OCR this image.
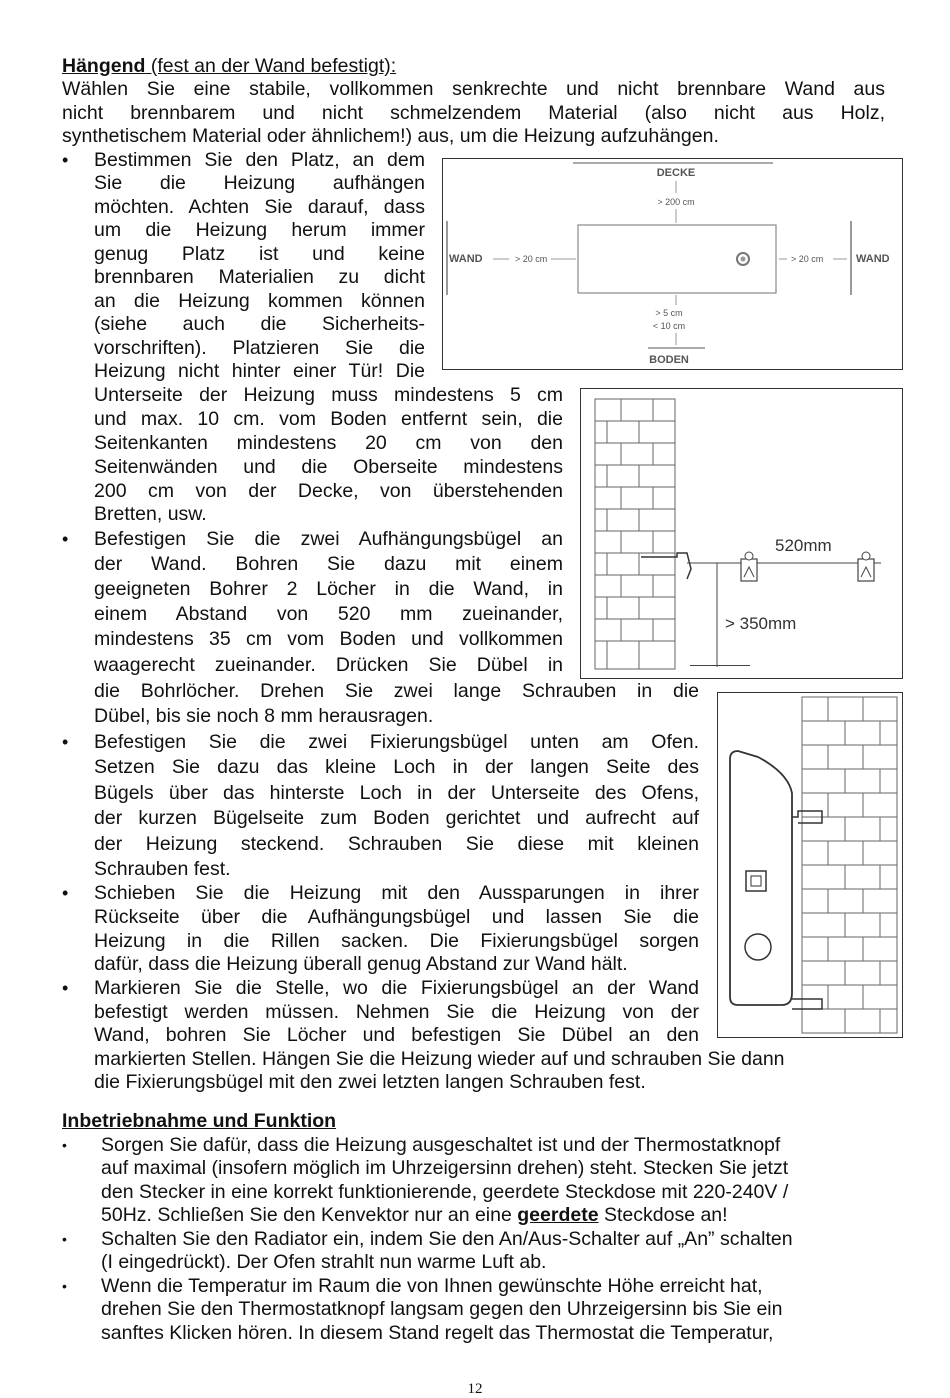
Hängend (fest an der Wand befestigt):
Wählen Sie eine stabile, vollkommen senkrechte und nicht brennbare Wand aus
nicht brennbarem und nicht schmelzendem Material (also nicht aus Holz,
synthetischem Material oder ähnlichem!) aus, um die Heizung aufzuhängen.
• Bestimmen Sie den Platz, an dem
Sie die Heizung aufhängen
möchten. Achten Sie darauf, dass
um die Heizung herum immer
genug Platz ist und keine
brennbaren Materialien zu dicht
an die Heizung kommen können
(siehe auch die Sicherheits-
vorschriften). Platzieren Sie die
Heizung nicht hinter einer Tür! Die
Unterseite der Heizung muss mindestens 5 cm
und max. 10 cm. vom Boden entfernt sein, die
Seitenkanten mindestens 20 cm von den
Seitenwänden und die Oberseite mindestens
200 cm von der Decke, von überstehenden
Bretten, usw.
DECKE
> 200 cm
WAND	> 20 cm	> 20 cm	WAND
> 5 cm
< 10 cm
BODEN
• Befestigen Sie die zwei Aufhängungsbügel an
der Wand. Bohren Sie dazu mit einem
geeigneten Bohrer 2 Löcher in die Wand, in
einem Abstand von 520 mm zueinander,
mindestens 35 cm vom Boden und vollkommen
waagerecht zueinander. Drücken Sie Dübel in
die Bohrlöcher. Drehen Sie zwei lange Schrauben in die
Dübel, bis sie noch 8 mm herausragen.
520mm
> 350mm
• Befestigen Sie die zwei Fixierungsbügel unten am Ofen.
Setzen Sie dazu das kleine Loch in der langen Seite des
Bügels über das hinterste Loch in der Unterseite des Ofens,
der kurzen Bügelseite zum Boden gerichtet und aufrecht auf
der Heizung steckend. Schrauben Sie diese mit kleinen
Schrauben fest.
• Schieben Sie die Heizung mit den Aussparungen in ihrer
Rückseite über die Aufhängungsbügel und lassen Sie die
Heizung in die Rillen sacken. Die Fixierungsbügel sorgen
dafür, dass die Heizung überall genug Abstand zur Wand hält.
• Markieren Sie die Stelle, wo die Fixierungsbügel an der Wand
befestigt werden müssen. Nehmen Sie die Heizung von der
Wand, bohren Sie Löcher und befestigen Sie Dübel an den
markierten Stellen. Hängen Sie die Heizung wieder auf und schrauben Sie dann
die Fixierungsbügel mit den zwei letzten langen Schrauben fest.
Inbetriebnahme und Funktion
• Sorgen Sie dafür, dass die Heizung ausgeschaltet ist und der Thermostatknopf
auf maximal (insofern möglich im Uhrzeigersinn drehen) steht. Stecken Sie jetzt
den Stecker in eine korrekt funktionierende, geerdete Steckdose mit 220-240V /
50Hz. Schließen Sie den Kenvektor nur an eine geerdete Steckdose an!
• Schalten Sie den Radiator ein, indem Sie den An/Aus-Schalter auf „An” schalten
(I eingedrückt). Der Ofen strahlt nun warme Luft ab.
• Wenn die Temperatur im Raum die von Ihnen gewünschte Höhe erreicht hat,
drehen Sie den Thermostatknopf langsam gegen den Uhrzeigersinn bis Sie ein
sanftes Klicken hören. In diesem Stand regelt das Thermostat die Temperatur,
12
